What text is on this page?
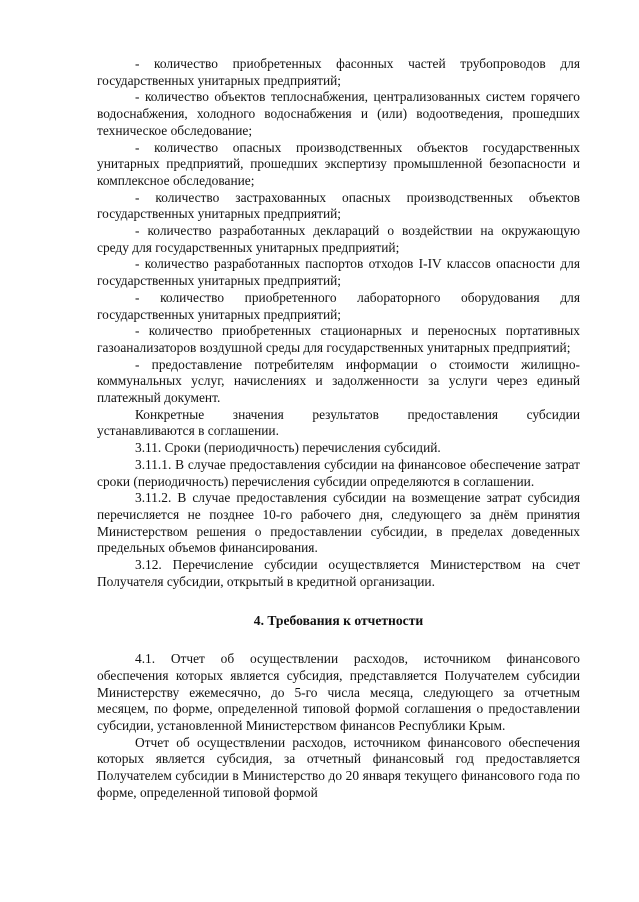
- количество приобретенных фасонных частей трубопроводов для государственных унитарных предприятий;

- количество объектов теплоснабжения, централизованных систем горячего водоснабжения, холодного водоснабжения и (или) водоотведения, прошедших техническое обследование;

- количество опасных производственных объектов государственных унитарных предприятий, прошедших экспертизу промышленной безопасности и комплексное обследование;

- количество застрахованных опасных производственных объектов государственных унитарных предприятий;

- количество разработанных деклараций о воздействии на окружающую среду для государственных унитарных предприятий;

- количество разработанных паспортов отходов I-IV классов опасности для государственных унитарных предприятий;

- количество приобретенного лабораторного оборудования для государственных унитарных предприятий;

- количество приобретенных стационарных и переносных портативных газоанализаторов воздушной среды для государственных унитарных предприятий;

- предоставление потребителям информации о стоимости жилищно-коммунальных услуг, начислениях и задолженности за услуги через единый платежный документ.

Конкретные значения результатов предоставления субсидии устанавливаются в соглашении.

3.11. Сроки (периодичность) перечисления субсидий.

3.11.1. В случае предоставления субсидии на финансовое обеспечение затрат сроки (периодичность) перечисления субсидии определяются в соглашении.

3.11.2. В случае предоставления субсидии на возмещение затрат субсидия перечисляется не позднее 10-го рабочего дня, следующего за днём принятия Министерством решения о предоставлении субсидии, в пределах доведенных предельных объемов финансирования.

3.12. Перечисление субсидии осуществляется Министерством на счет Получателя субсидии, открытый в кредитной организации.

4. Требования к отчетности

4.1. Отчет об осуществлении расходов, источником финансового обеспечения которых является субсидия, представляется Получателем субсидии Министерству ежемесячно, до 5-го числа месяца, следующего за отчетным месяцем, по форме, определенной типовой формой соглашения о предоставлении субсидии, установленной Министерством финансов Республики Крым.

Отчет об осуществлении расходов, источником финансового обеспечения которых является субсидия, за отчетный финансовый год предоставляется Получателем субсидии в Министерство до 20 января текущего финансового года по форме, определенной типовой формой
